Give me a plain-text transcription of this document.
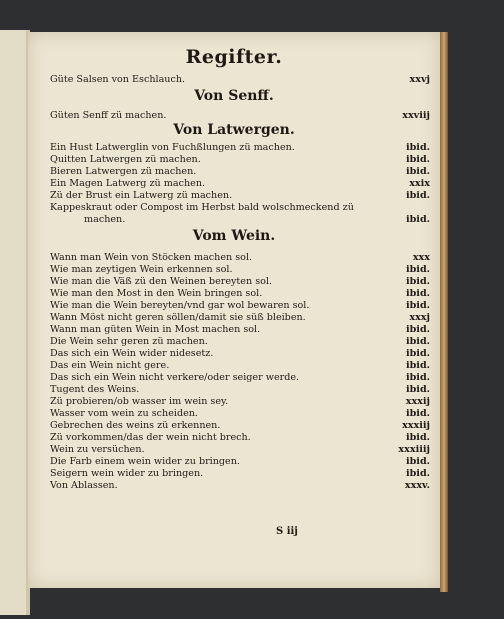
Regifter.
Güte Salsen von Eschlauch.	xxvj
Von Senff.
Güten Senff zü machen.	xxviij
Von Latwergen.
Ein Hust Latwerglin von Fuchßlungen zü machen.	ibid.
Quitten Latwergen zü machen.	ibid.
Bieren Latwergen zü machen.	ibid.
Ein Magen Latwerg zü machen.	xxix
Zü der Brust ein Latwerg zü machen.	ibid.
Kappeskraut oder Compost im Herbst bald wolschmeckend zü
machen.	ibid.
Vom Wein.
Wann man Wein von Stöcken machen sol.	xxx
Wie man zeytigen Wein erkennen sol.	ibid.
Wie man die Väß zü den Weinen bereyten sol.	ibid.
Wie man den Most in den Wein bringen sol.	ibid.
Wie man die Wein bereyten/vnd gar wol bewaren sol.	ibid.
Wann Möst nicht geren söllen/damit sie süß bleiben.	xxxj
Wann man güten Wein in Most machen sol.	ibid.
Die Wein sehr geren zü machen.	ibid.
Das sich ein Wein wider nidesetz.	ibid.
Das ein Wein nicht gere.	ibid.
Das sich ein Wein nicht verkere/oder seiger werde.	ibid.
Tugent des Weins.	ibid.
Zü probieren/ob wasser im wein sey.	xxxij
Wasser vom wein zu scheiden.	ibid.
Gebrechen des weins zü erkennen.	xxxiij
Zü vorkommen/das der wein nicht brech.	ibid.
Wein zu versüchen.	xxxiiij
Die Farb einem wein wider zu bringen.	ibid.
Seigern wein wider zu bringen.	ibid.
Von Ablassen.	xxxv.
S iij
